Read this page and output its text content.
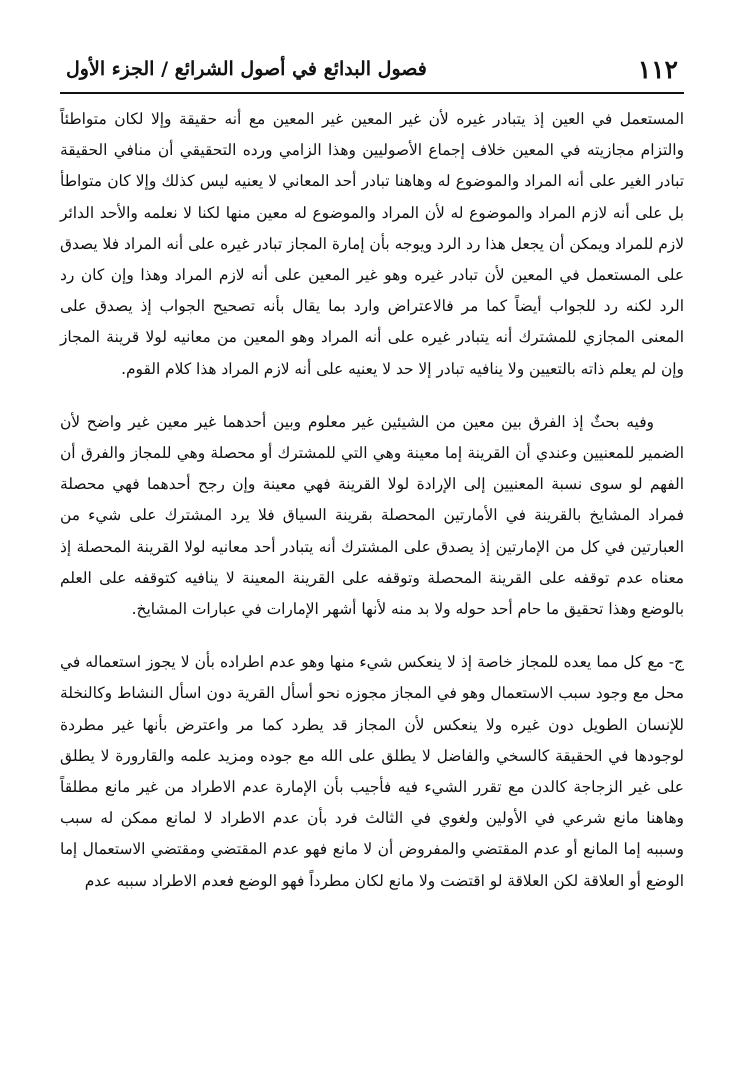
١١٢
فصول البدائع في أصول الشرائع / الجزء الأول

المستعمل في العين إذ يتبادر غيره لأن غير المعين غير المعين مع أنه حقيقة وإلا لكان متواطئاً والتزام مجازيته في المعين خلاف إجماع الأصوليين وهذا الزامي ورده التحقيقي أن منافي الحقيقة تبادر الغير على أنه المراد والموضوع له وهاهنا تبادر أحد المعاني لا يعنيه ليس كذلك وإلا كان متواطأ بل على أنه لازم المراد والموضوع له لأن المراد والموضوع له معين منها لكنا لا نعلمه والأحد الدائر لازم للمراد ويمكن أن يجعل هذا رد الرد ويوجه بأن إمارة المجاز تبادر غيره على أنه المراد فلا يصدق على المستعمل في المعين لأن تبادر غيره وهو غير المعين على أنه لازم المراد وهذا وإن كان رد الرد لكنه رد للجواب أيضاً كما مر فالاعتراض وارد بما يقال بأنه تصحيح الجواب إذ يصدق على المعنى المجازي للمشترك أنه يتبادر غيره على أنه المراد وهو المعين من معانيه لولا قرينة المجاز وإن لم يعلم ذاته بالتعيين ولا ينافيه تبادر إلا حد لا يعنيه على أنه لازم المراد هذا كلام القوم.

وفيه بحثٌ إذ الفرق بين معين من الشيئين غير معلوم وبين أحدهما غير معين غير واضح لأن الضمير للمعنيين وعندي أن القرينة إما معينة وهي التي للمشترك أو محصلة وهي للمجاز والفرق أن الفهم لو سوى نسبة المعنيين إلى الإرادة لولا القرينة فهي معينة وإن رجح أحدهما فهي محصلة فمراد المشايخ بالقرينة في الأمارتين المحصلة بقرينة السياق فلا يرد المشترك على شيء من العبارتين في كل من الإمارتين إذ يصدق على المشترك أنه يتبادر أحد معانيه لولا القرينة المحصلة إذ معناه عدم توقفه على القرينة المحصلة وتوقفه على القرينة المعينة لا ينافيه كتوقفه على العلم بالوضع وهذا تحقيق ما حام أحد حوله ولا بد منه لأنها أشهر الإمارات في عبارات المشايخ.

ج- مع كل مما يعده للمجاز خاصة إذ لا ينعكس شيء منها وهو عدم اطراده بأن لا يجوز استعماله في محل مع وجود سبب الاستعمال وهو في المجاز مجوزه نحو أسأل القرية دون اسأل النشاط وكالنخلة للإنسان الطويل دون غيره ولا ينعكس لأن المجاز قد يطرد كما مر واعترض بأنها غير مطردة لوجودها في الحقيقة كالسخي والفاضل لا يطلق على الله مع جوده ومزيد علمه والقارورة لا يطلق على غير الزجاجة كالدن مع تقرر الشيء فيه فأجيب بأن الإمارة عدم الاطراد من غير مانع مطلقاً وهاهنا مانع شرعي في الأولين ولغوي في الثالث فرد بأن عدم الاطراد لا لمانع ممكن له سبب وسببه إما المانع أو عدم المقتضي والمفروض أن لا مانع فهو عدم المقتضي ومقتضي الاستعمال إما الوضع أو العلاقة لكن العلاقة لو اقتضت ولا مانع لكان مطرداً فهو الوضع فعدم الاطراد سببه عدم
